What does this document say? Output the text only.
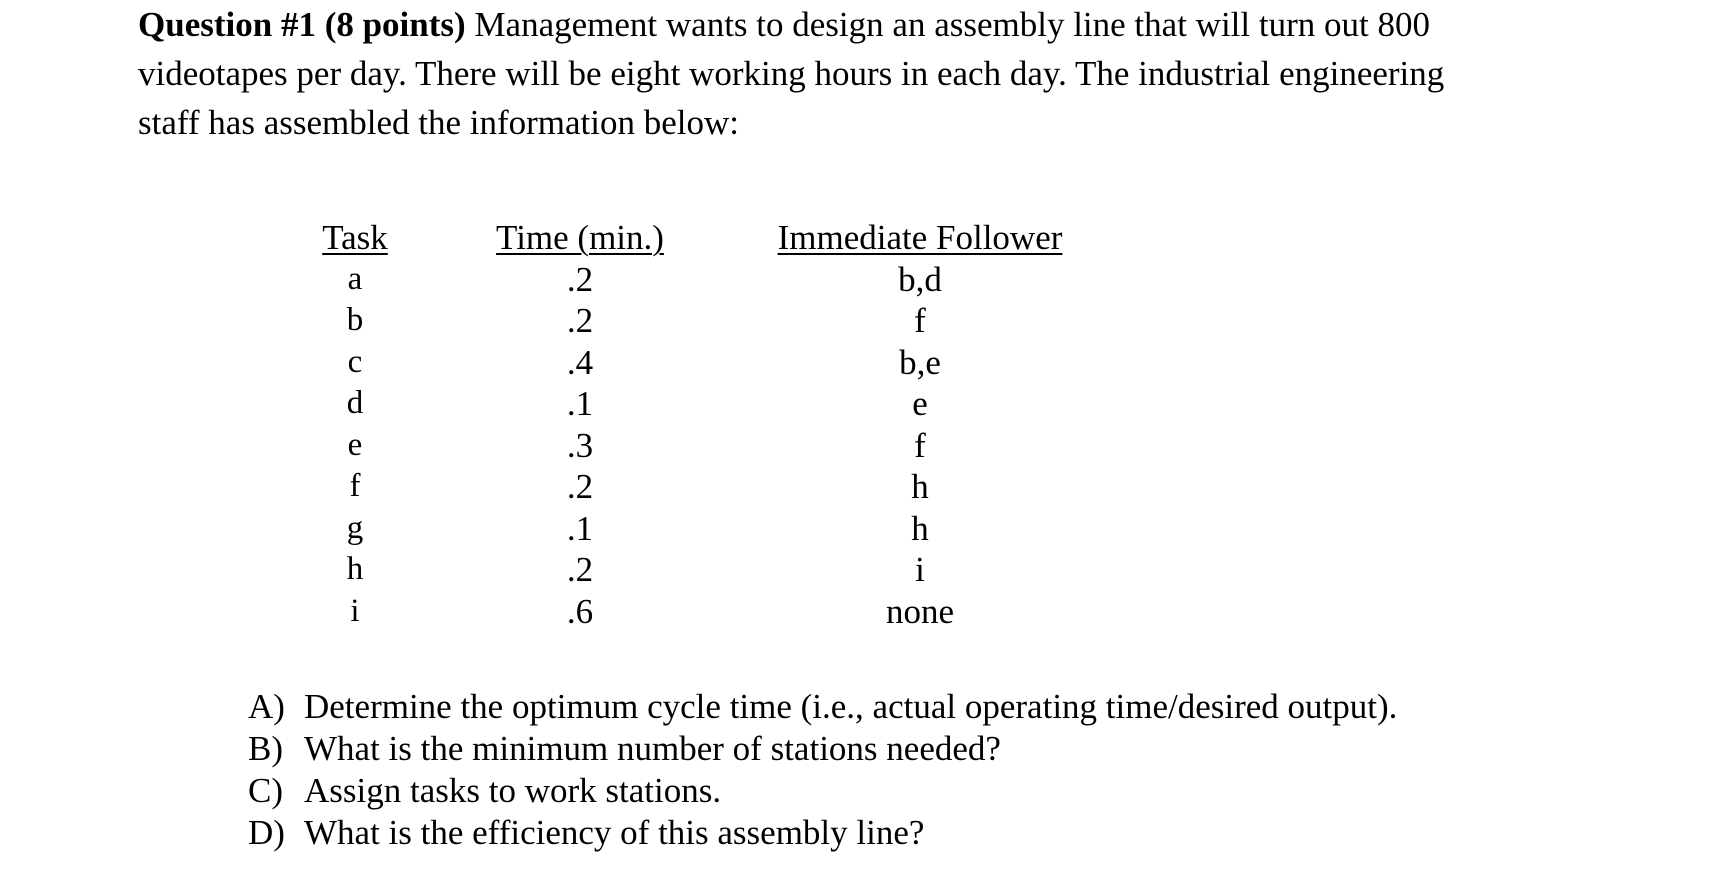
Question #1 (8 points) Management wants to design an assembly line that will turn out 800
videotapes per day. There will be eight working hours in each day. The industrial engineering
staff has assembled the information below:
Task
a
b
c
d
e
f
g
h
i
Time (min.)
.2
.2
.4
.1
.3
.2
.1
.2
.6
Immediate Follower
b,d
f
b,e
e
f
h
h
i
none
A) Determine the optimum cycle time (i.e., actual operating time/desired output).
B) What is the minimum number of stations needed?
C) Assign tasks to work stations.
D) What is the efficiency of this assembly line?
